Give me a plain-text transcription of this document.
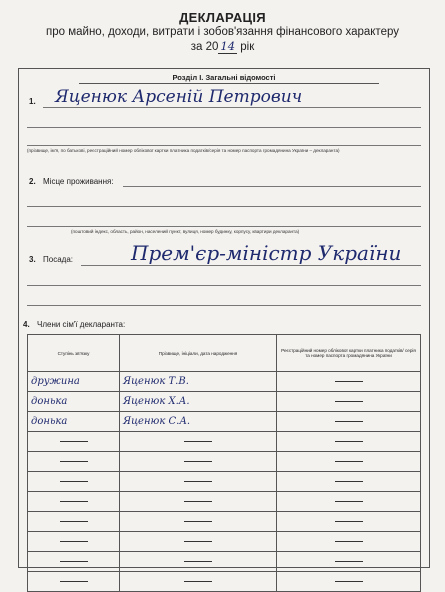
ДЕКЛАРАЦІЯ
про майно, доходи, витрати і зобов'язання фінансового характеру
за 20 14 рік
Розділ І. Загальні відомості
1. Яценюк Арсеній Петрович
(прізвище, ім'я, по батькові, реєстраційний номер облікової картки платника податків/серія та номер паспорта громадянина України – декларанта)
2. Місце проживання:
(поштовий індекс, область, район, населений пункт, вулиця, номер будинку, корпусу, квартири декларанта)
3. Посада:	Прем'єр-міністр України
4. Члени сім'ї декларанта:
Ступінь зв'язку	Прізвище, ініціали, дата народження	Реєстраційний номер облікової картки платника податків/ серія та номер паспорта громадянина України
дружина	Яценюк Т.В.	
донька	Яценюк Х.А.	
донька	Яценюк С.А.	
